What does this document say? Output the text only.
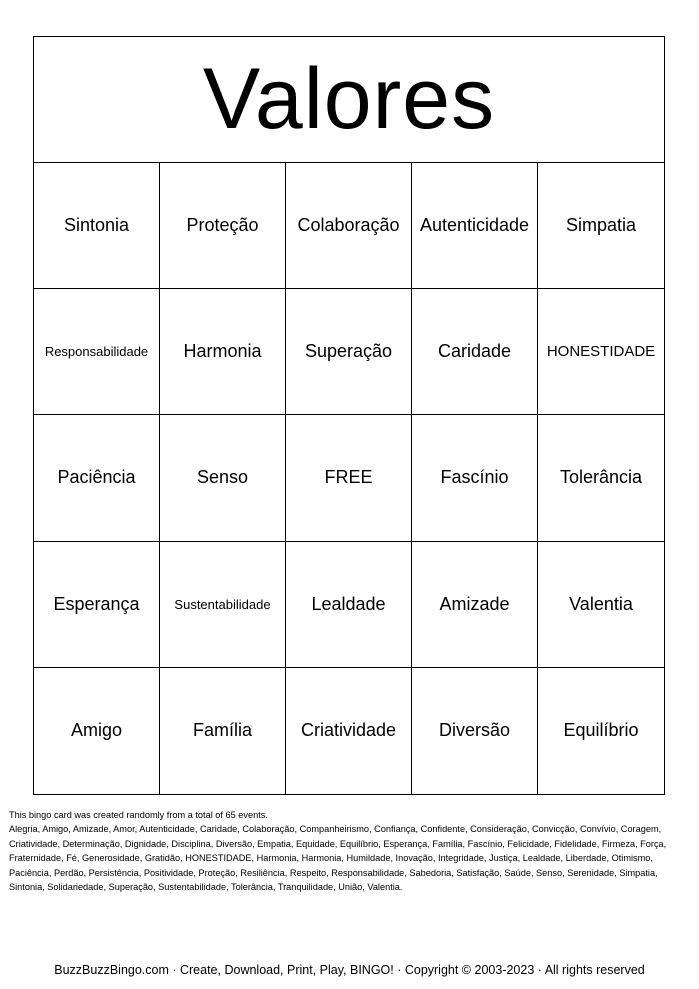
Valores
Sintonia	Proteção	Colaboração	Autenticidade	Simpatia
Responsabilidade	Harmonia	Superação	Caridade	HONESTIDADE
Paciência	Senso	FREE	Fascínio	Tolerância
Esperança	Sustentabilidade	Lealdade	Amizade	Valentia
Amigo	Família	Criatividade	Diversão	Equilíbrio
This bingo card was created randomly from a total of 65 events.
Alegria, Amigo, Amizade, Amor, Autenticidade, Caridade, Colaboração, Companheirismo, Confiança, Confidente, Consideração, Convicção, Convívio, Coragem, Criatividade, Determinação, Dignidade, Disciplina, Diversão, Empatia, Equidade, Equilíbrio, Esperança, Família, Fascínio, Felicidade, Fidelidade, Firmeza, Força, Fraternidade, Fé, Generosidade, Gratidão, HONESTIDADE, Harmonia, Harmonia, Humildade, Inovação, Integridade, Justiça, Lealdade, Liberdade, Otimismo, Paciência, Perdão, Persistência, Positividade, Proteção, Resiliência, Respeito, Responsabilidade, Sabedoria, Satisfação, Saúde, Senso, Serenidade, Simpatia, Sintonia, Solidariedade, Superação, Sustentabilidade, Tolerância, Tranquilidade, União, Valentia.
BuzzBuzzBingo.com · Create, Download, Print, Play, BINGO! · Copyright © 2003-2023 · All rights reserved
